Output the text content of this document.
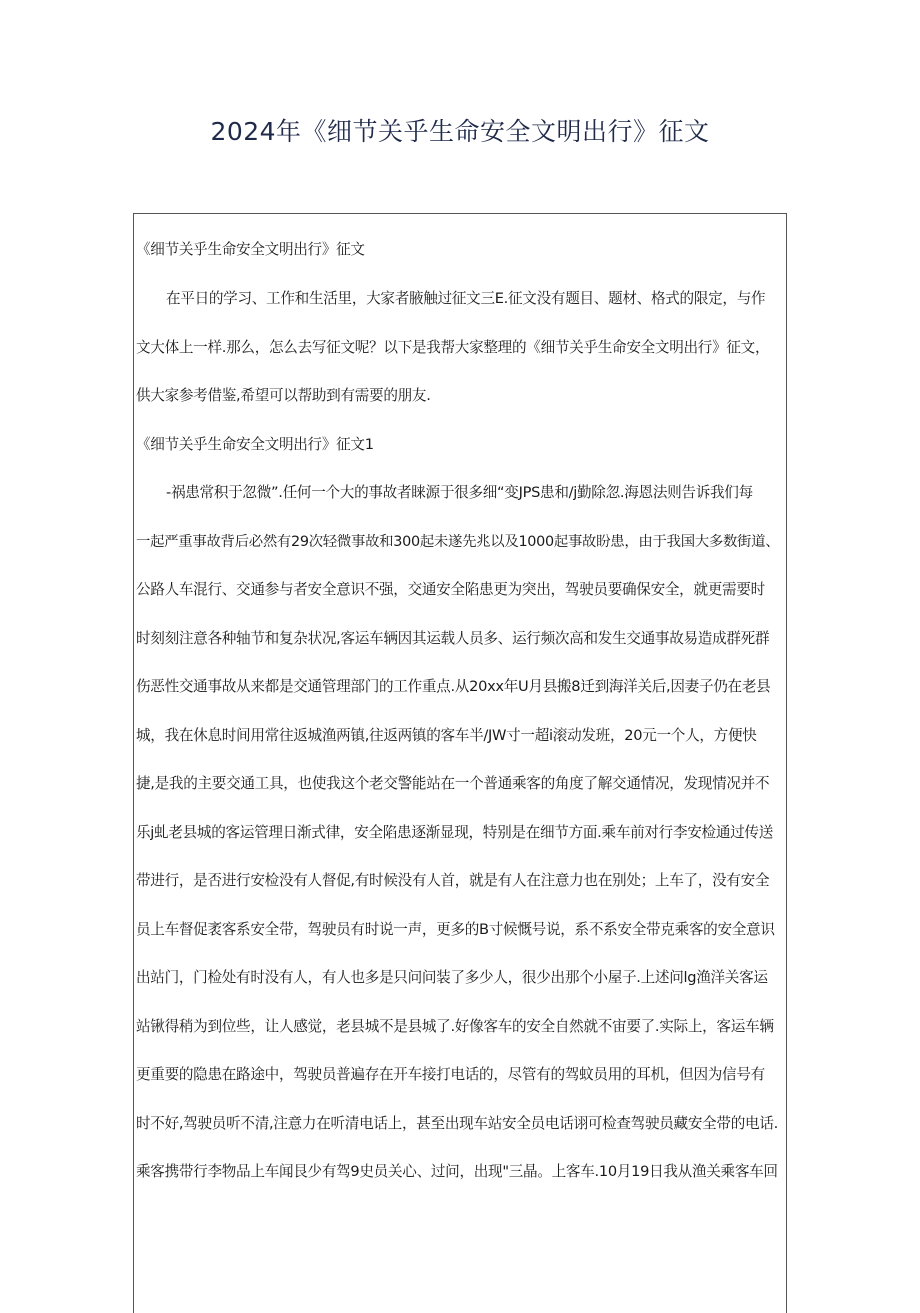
2024年《细节关乎生命安全文明出行》征文
《细节关乎生命安全文明出行》征文
在平日的学习、工作和生活里，大家者腋触过征文三E.征文没有题目、题材、格式的限定，与作
文大体上一样.那么，怎么去写征文呢？以下是我帮大家整理的《细节关乎生命安全文明出行》征文，
供大家参考借鉴,希望可以帮助到有需要的朋友.
《细节关乎生命安全文明出行》征文1
-祸患常积于忽微”.任何一个大的事故者睐源于很多细“变JPS患和/j勤除忽.海恩法则告诉我们每
一起严重事故背后必然有29次轻微事故和300起未遂先兆以及1000起事故盼患，由于我国大多数街道、
公路人车混行、交通参与者安全意识不强，交通安全陷患更为突出，驾驶员要确保安全，就更需要时
时刻刻注意各种轴节和复杂状况,客运车辆因其运载人员多、运行频次高和发生交通事故易造成群死群
伤恶性交通事故从来都是交通管理部门的工作重点.从20xx年U月县搬8迁到海洋关后,因妻子仍在老县
城，我在休息时间用常往返城渔两镇,往返两镇的客车半/JW寸一超i滚动发班，20元一个人，方便快
捷,是我的主要交通工具，也使我这个老交警能站在一个普通乘客的角度了解交通情况，发现情况并不
乐j虬老县城的客运管理日渐式律，安全陷患逐渐显现，特别是在细节方面.乘车前对行李安检通过传送
带进行，是否进行安检没有人督促,有时候没有人首，就是有人在注意力也在别处；上车了，没有安全
员上车督促袤客系安全带，驾驶员有时说一声，更多的B寸候慨号说，系不系安全带克乘客的安全意识
出站门，门检处有时没有人，有人也多是只问问装了多少人，很少出那个小屋子.上述问lg渔洋关客运
站锹得稍为到位些，让人感觉，老县城不是县城了.好像客车的安全自然就不宙要了.实际上，客运车辆
更重要的隐患在路途中，驾驶员普遍存在开车接打电话的，尽管有的驾蚊员用的耳机，但因为信号有
时不好,驾驶员听不清,注意力在听清电话上，甚至出现车站安全员电话诩可检查驾驶员藏安全带的电话.
乘客携带行李物品上车闻艮少有驾9史员关心、过问，出现"三晶。上客车.10月19日我从渔关乘客车回
